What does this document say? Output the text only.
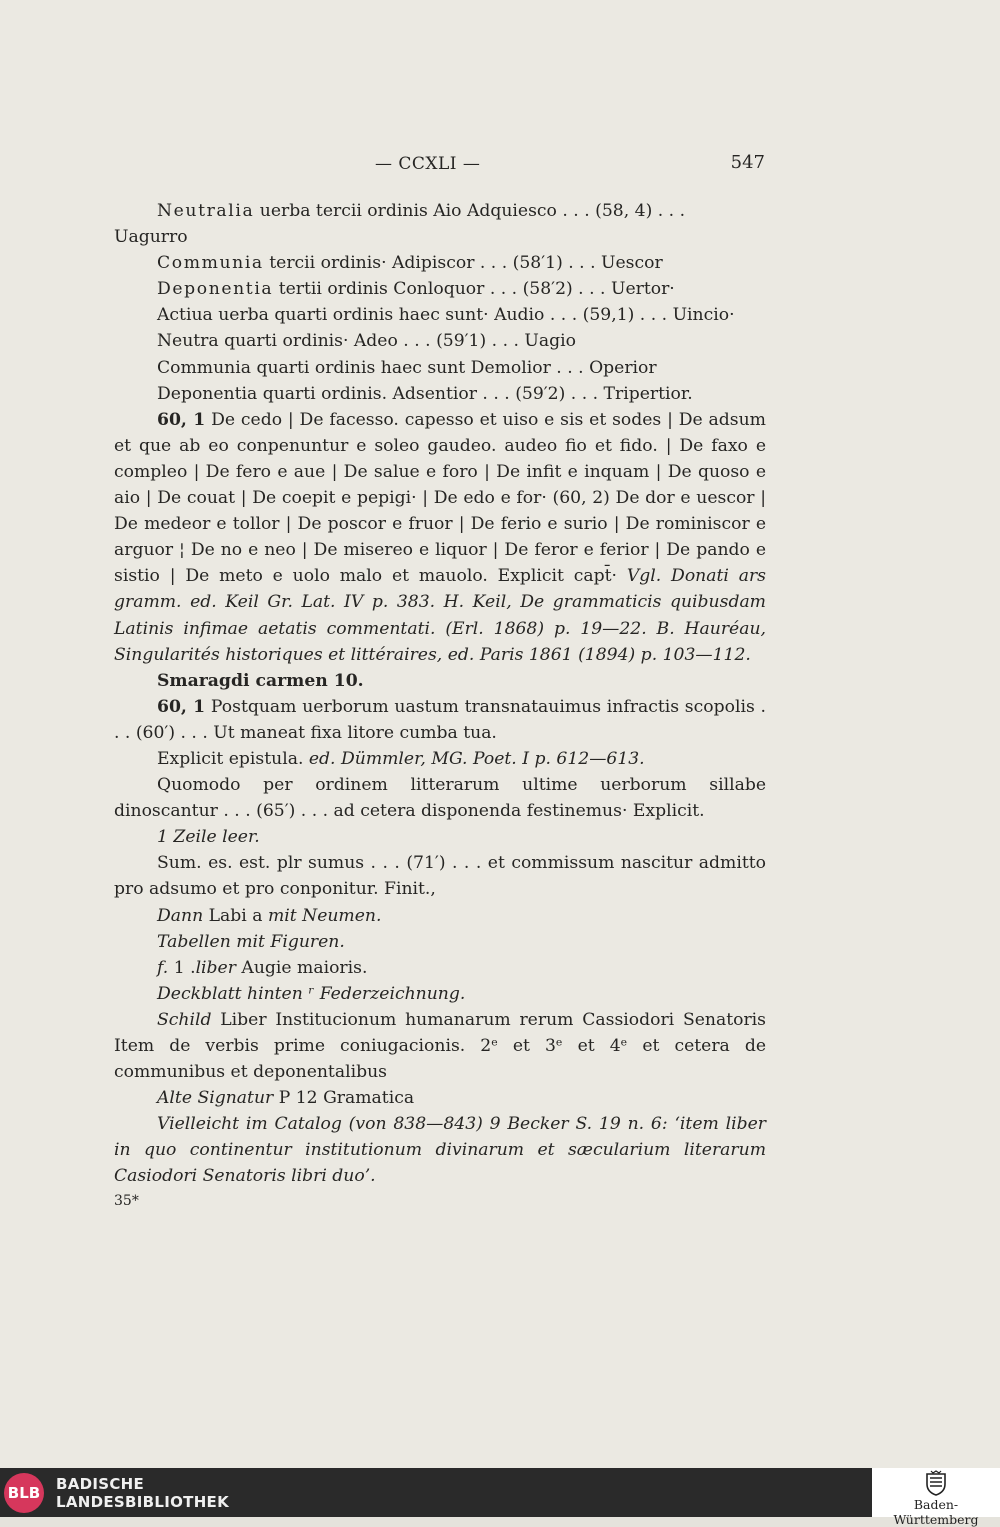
— CCXLI —	547

Neutralia uerba tercii ordinis Aio Adquiesco . . . (58, 4) . . .

Uagurro

Communia tercii ordinis· Adipiscor . . . (58′1) . . . Uescor

Deponentia tertii ordinis Conloquor . . . (58′2) . . . Uertor·

Actiua uerba quarti ordinis haec sunt· Audio . . . (59,1) . . . Uincio·

Neutra quarti ordinis· Adeo . . . (59′1) . . . Uagio

Communia quarti ordinis haec sunt Demolior . . . Operior

Deponentia quarti ordinis. Adsentior . . . (59′2) . . . Tripertior.

60, 1 De cedo | De facesso. capesso et uiso e sis et sodes | De adsum et que ab eo conpenuntur e soleo gaudeo. audeo fio et fido. | De faxo e compleo | De fero e aue | De salue e foro | De infit e inquam | De quoso e aio | De couat | De coepit e pepigi· | De edo e for· (60, 2) De dor e uescor | De medeor e tollor | De poscor e fruor | De ferio e surio | De rominiscor e arguor ¦ De no e neo | De misereo e liquor | De feror e ferior | De pando e sistio | De meto e uolo malo et mauolo. Explicit capt̄· Vgl. Donati ars gramm. ed. Keil Gr. Lat. IV p. 383. H. Keil, De grammaticis quibusdam Latinis infimae aetatis commentati. (Erl. 1868) p. 19—22. B. Hauréau, Singularités historiques et littéraires, ed. Paris 1861 (1894) p. 103—112.

Smaragdi carmen 10.

60, 1 Postquam uerborum uastum transnatauimus infractis scopolis . . . (60′) . . . Ut maneat fixa litore cumba tua.

Explicit epistula. ed. Dümmler, MG. Poet. I p. 612—613.

Quomodo per ordinem litterarum ultime uerborum sillabe dinoscantur . . . (65′) . . . ad cetera disponenda festinemus· Explicit.

1 Zeile leer.

Sum. es. est. plr sumus . . . (71′) . . . et commissum nascitur admitto pro adsumo et pro conponitur. Finit.,

Dann Labi a mit Neumen.

Tabellen mit Figuren.

f. 1 .liber Augie maioris.

Deckblatt hinten ʳ Federzeichnung.

Schild Liber Institucionum humanarum rerum Cassiodori Senatoris Item de verbis prime coniugacionis. 2ᵉ et 3ᵉ et 4ᵉ et cetera de communibus et deponentalibus

Alte Signatur P 12 Gramatica

Vielleicht im Catalog (von 838—843) 9 Becker S. 19 n. 6: ‘item liber in quo continentur institutionum divinarum et sæcularium literarum Casiodori Senatoris libri duo’.

35*

BLB BADISCHE
LANDESBIBLIOTHEK	Baden-Württemberg
